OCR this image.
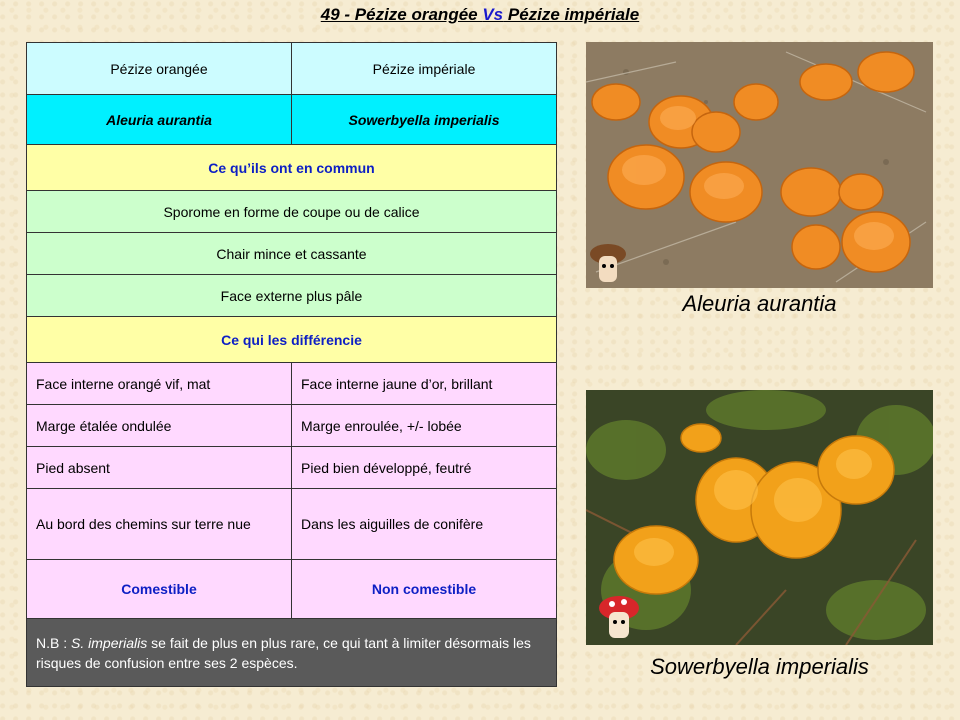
49 - Pézize orangée Vs Pézize impériale
Pézize orangée	Pézize impériale
Aleuria aurantia	Sowerbyella imperialis
Ce qu’ils ont en commun	
Sporome en forme de coupe ou de calice	
Chair mince et cassante	
Face externe plus pâle	
Ce qui les différencie	
Face interne orangé vif, mat	Face interne jaune d’or, brillant
Marge étalée ondulée	Marge enroulée, +/- lobée
Pied absent	Pied bien développé, feutré
Au bord des chemins sur terre nue	Dans les aiguilles de conifère
Comestible	Non comestible
N.B : S. imperialis se fait de plus en plus rare, ce qui tant à limiter désormais les risques de confusion entre ses 2 espèces.	
Aleuria aurantia
Sowerbyella imperialis
